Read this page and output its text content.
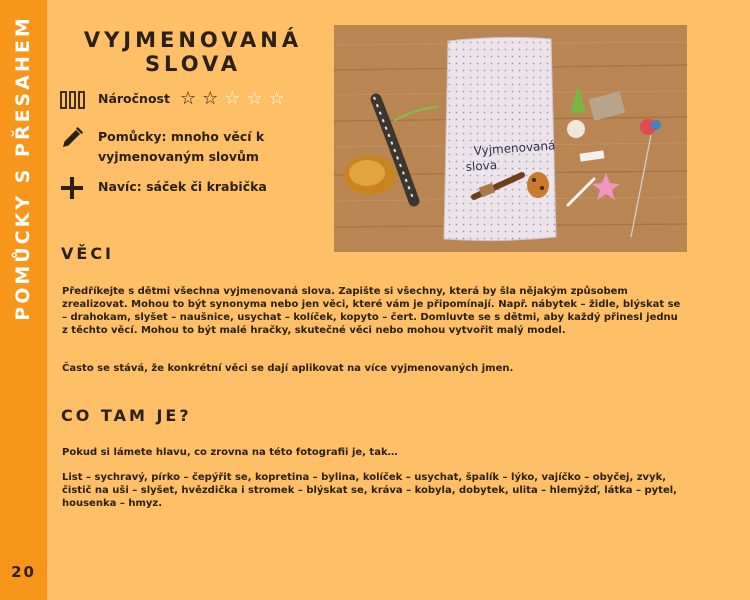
POMŮCKY S PŘESAHEM
20
VYJMENOVANÁ
SLOVA
Náročnost ☆ ☆ ☆ ☆ ☆
Pomůcky: mnoho věcí k
vyjmenovaným slovům
Navíc: sáček či krabička
Vyjmenovaná
slova
VĚCI

Předříkejte s dětmi všechna vyjmenovaná slova. Zapište si všechny, která by šla nějakým způsobem zrealizovat. Mohou to být synonyma nebo jen věci, které vám je připomínají. Např. nábytek – židle, blýskat se – drahokam, slyšet – naušnice, usychat – kolíček, kopyto – čert. Domluvte se s dětmi, aby každý přinesl jednu z těchto věcí. Mohou to být malé hračky, skutečné věci nebo mohou vytvořit malý model.

Často se stává, že konkrétní věci se dají aplikovat na více vyjmenovaných jmen.

CO TAM JE?

Pokud si lámete hlavu, co zrovna na této fotografii je, tak…

List – sychravý, pírko – čepýřit se, kopretina – bylina, kolíček – usychat, špalík – lýko, vajíčko – obyčej, zvyk, čistič na uši – slyšet, hvězdička i stromek – blýskat se, kráva – kobyla, dobytek, ulita – hlemýžď, látka – pytel, housenka – hmyz.
